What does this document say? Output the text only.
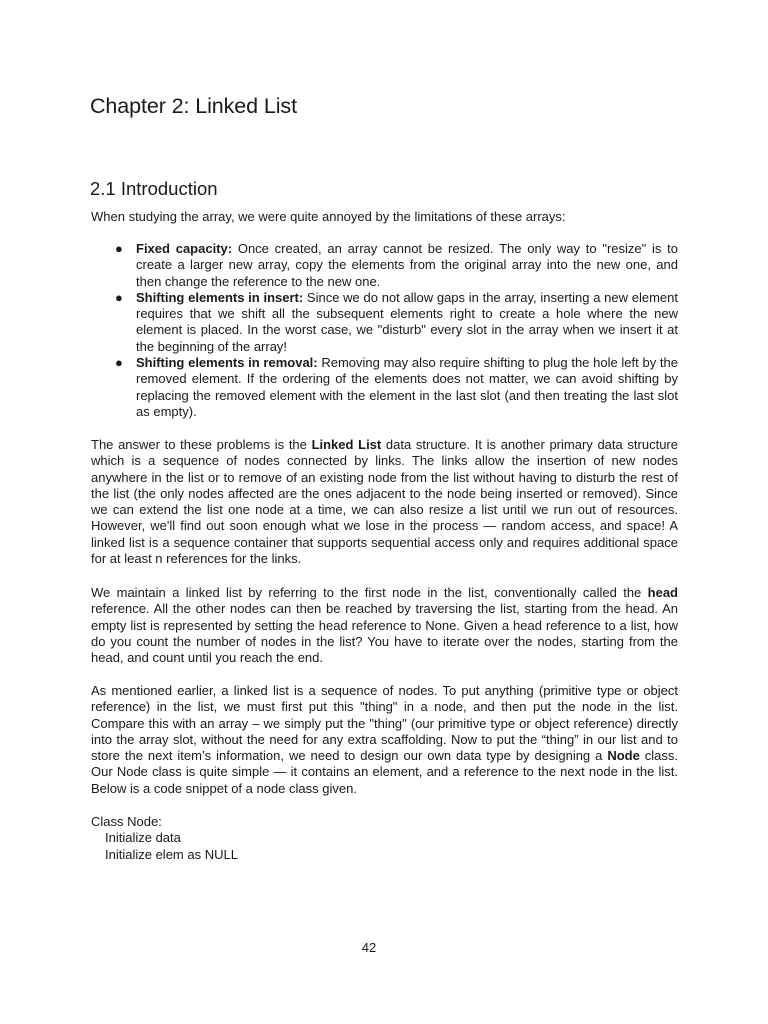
Chapter 2: Linked List
2.1 Introduction

When studying the array, we were quite annoyed by the limitations of these arrays:

● Fixed capacity: Once created, an array cannot be resized. The only way to "resize" is to create a larger new array, copy the elements from the original array into the new one, and then change the reference to the new one.
● Shifting elements in insert: Since we do not allow gaps in the array, inserting a new element requires that we shift all the subsequent elements right to create a hole where the new element is placed. In the worst case, we "disturb" every slot in the array when we insert it at the beginning of the array!
● Shifting elements in removal: Removing may also require shifting to plug the hole left by the removed element. If the ordering of the elements does not matter, we can avoid shifting by replacing the removed element with the element in the last slot (and then treating the last slot as empty).

The answer to these problems is the Linked List data structure. It is another primary data structure which is a sequence of nodes connected by links. The links allow the insertion of new nodes anywhere in the list or to remove of an existing node from the list without having to disturb the rest of the list (the only nodes affected are the ones adjacent to the node being inserted or removed). Since we can extend the list one node at a time, we can also resize a list until we run out of resources. However, we'll find out soon enough what we lose in the process — random access, and space! A linked list is a sequence container that supports sequential access only and requires additional space for at least n references for the links.

We maintain a linked list by referring to the first node in the list, conventionally called the head reference. All the other nodes can then be reached by traversing the list, starting from the head. An empty list is represented by setting the head reference to None. Given a head reference to a list, how do you count the number of nodes in the list? You have to iterate over the nodes, starting from the head, and count until you reach the end.

As mentioned earlier, a linked list is a sequence of nodes. To put anything (primitive type or object reference) in the list, we must first put this "thing" in a node, and then put the node in the list. Compare this with an array – we simply put the "thing" (our primitive type or object reference) directly into the array slot, without the need for any extra scaffolding. Now to put the “thing” in our list and to store the next item’s information, we need to design our own data type by designing a Node class. Our Node class is quite simple — it contains an element, and a reference to the next node in the list. Below is a code snippet of a node class given.

Class Node:
Initialize data
Initialize elem as NULL
42
